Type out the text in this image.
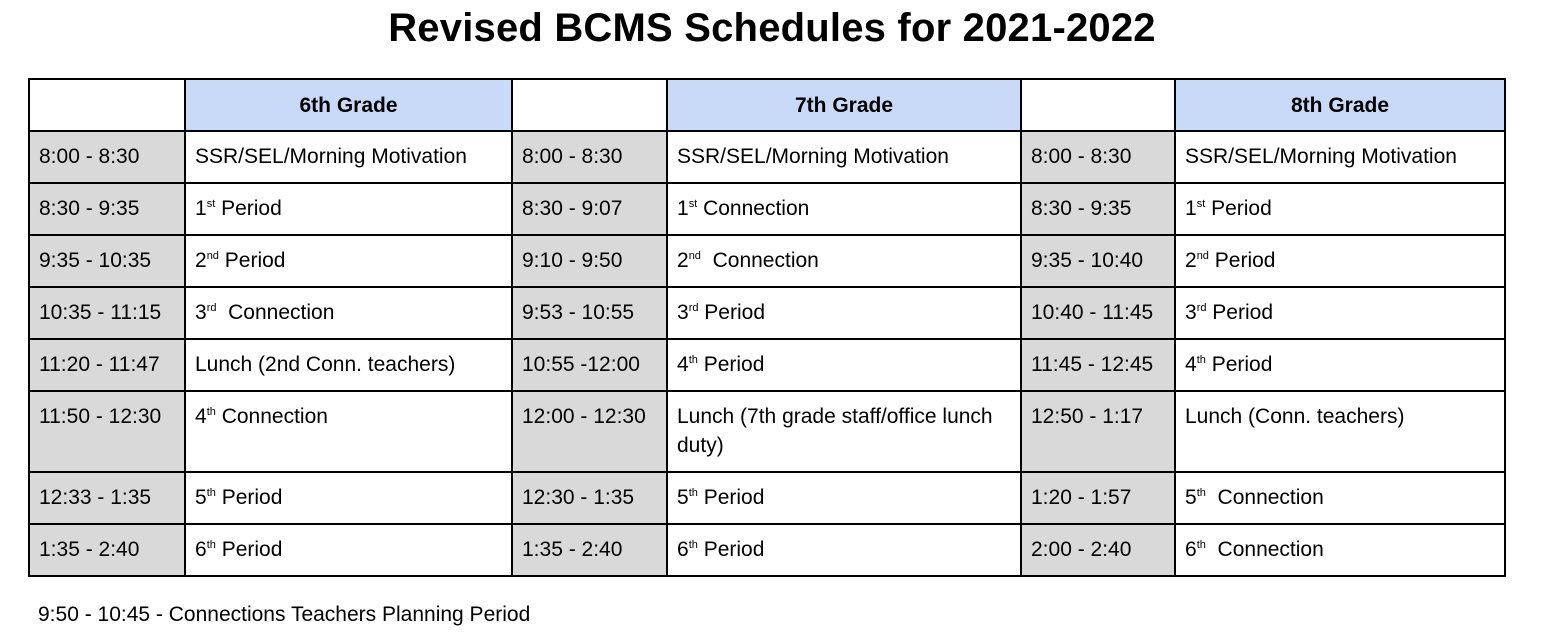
Revised BCMS Schedules for 2021-2022
	6th Grade		7th Grade		8th Grade
8:00 - 8:30	SSR/SEL/Morning Motivation	8:00 - 8:30	SSR/SEL/Morning Motivation	8:00 - 8:30	SSR/SEL/Morning Motivation
8:30 - 9:35	1st Period	8:30 - 9:07	1st Connection	8:30 - 9:35	1st Period
9:35 - 10:35	2nd Period	9:10 - 9:50	2nd  Connection	9:35 - 10:40	2nd Period
10:35 - 11:15	3rd  Connection	9:53 - 10:55	3rd Period	10:40 - 11:45	3rd Period
11:20 - 11:47	Lunch (2nd Conn. teachers)	10:55 -12:00	4th Period	11:45 - 12:45	4th Period
11:50 - 12:30	4th Connection	12:00 - 12:30	Lunch (7th grade staff/office lunch duty)	12:50 - 1:17	Lunch (Conn. teachers)
12:33 - 1:35	5th Period	12:30 - 1:35	5th Period	1:20 - 1:57	5th  Connection
1:35 - 2:40	6th Period	1:35 - 2:40	6th Period	2:00 - 2:40	6th  Connection
9:50 - 10:45 - Connections Teachers Planning Period
